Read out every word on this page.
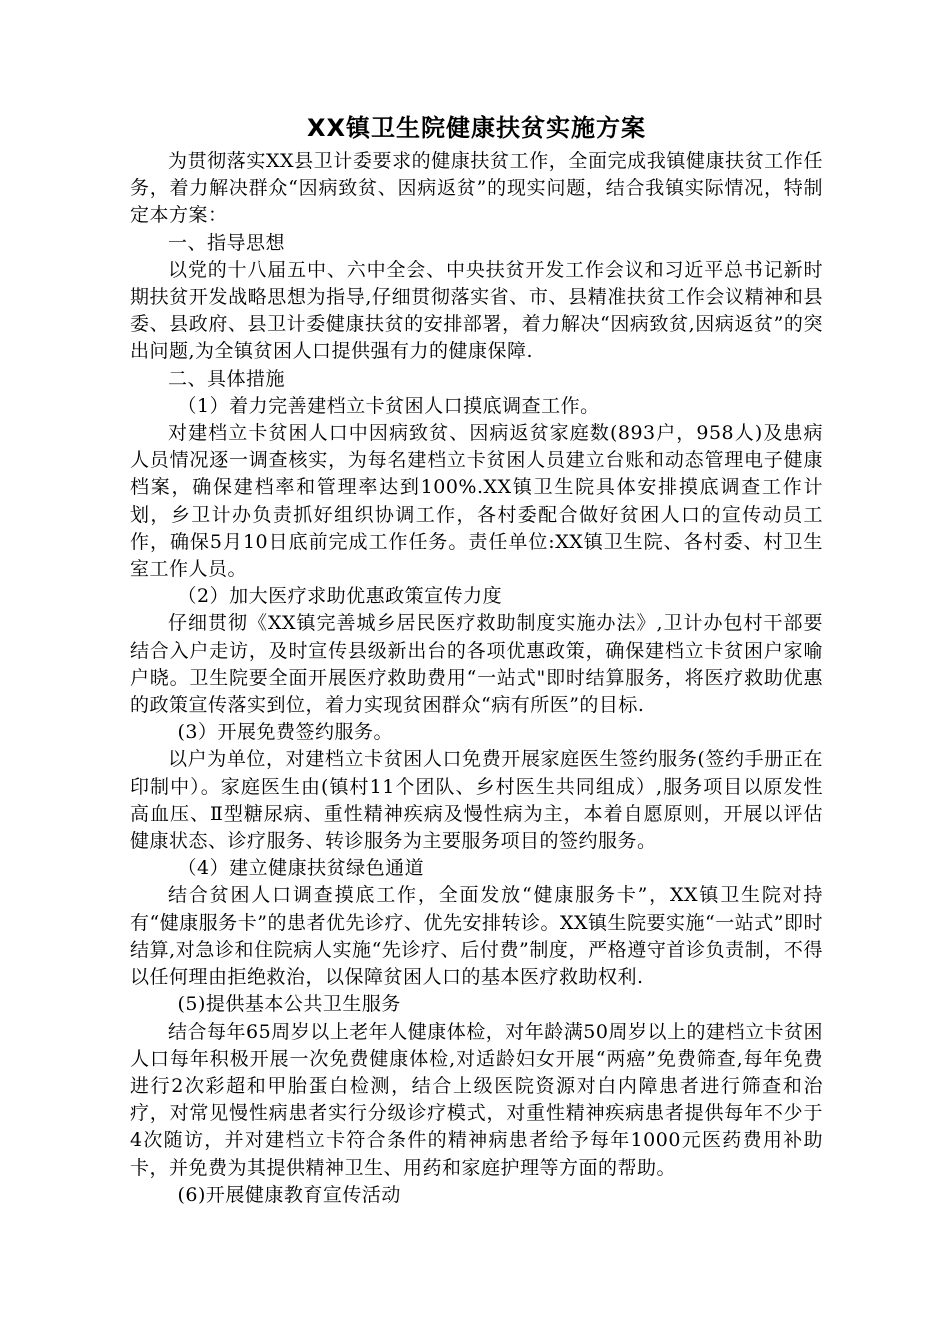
XX镇卫生院健康扶贫实施方案

为贯彻落实XX县卫计委要求的健康扶贫工作，全面完成我镇健康扶贫工作任务，着力解决群众“因病致贫、因病返贫”的现实问题，结合我镇实际情况，特制定本方案：

一、指导思想

以党的十八届五中、六中全会、中央扶贫开发工作会议和习近平总书记新时期扶贫开发战略思想为指导,仔细贯彻落实省、市、县精准扶贫工作会议精神和县委、县政府、县卫计委健康扶贫的安排部署，着力解决“因病致贫,因病返贫”的突出问题,为全镇贫困人口提供强有力的健康保障.

二、具体措施

（1）着力完善建档立卡贫困人口摸底调查工作。

对建档立卡贫困人口中因病致贫、因病返贫家庭数(893户，958人)及患病人员情况逐一调查核实，为每名建档立卡贫困人员建立台账和动态管理电子健康档案，确保建档率和管理率达到100%.XX镇卫生院具体安排摸底调查工作计划，乡卫计办负责抓好组织协调工作，各村委配合做好贫困人口的宣传动员工作，确保5月10日底前完成工作任务。责任单位:XX镇卫生院、各村委、村卫生室工作人员。

（2）加大医疗求助优惠政策宣传力度

仔细贯彻《XX镇完善城乡居民医疗救助制度实施办法》,卫计办包村干部要结合入户走访，及时宣传县级新出台的各项优惠政策，确保建档立卡贫困户家喻户晓。卫生院要全面开展医疗救助费用“一站式"即时结算服务，将医疗救助优惠的政策宣传落实到位，着力实现贫困群众“病有所医”的目标.

(3）开展免费签约服务。

以户为单位，对建档立卡贫困人口免费开展家庭医生签约服务(签约手册正在印制中）。家庭医生由(镇村11个团队、乡村医生共同组成）,服务项目以原发性高血压、Ⅱ型糖尿病、重性精神疾病及慢性病为主，本着自愿原则，开展以评估健康状态、诊疗服务、转诊服务为主要服务项目的签约服务。

（4）建立健康扶贫绿色通道

结合贫困人口调查摸底工作，全面发放“健康服务卡”，XX镇卫生院对持有“健康服务卡”的患者优先诊疗、优先安排转诊。XX镇生院要实施“一站式”即时结算,对急诊和住院病人实施“先诊疗、后付费”制度，严格遵守首诊负责制，不得以任何理由拒绝救治，以保障贫困人口的基本医疗救助权利.

(5)提供基本公共卫生服务

结合每年65周岁以上老年人健康体检，对年龄满50周岁以上的建档立卡贫困人口每年积极开展一次免费健康体检,对适龄妇女开展“两癌”免费筛查,每年免费进行2次彩超和甲胎蛋白检测，结合上级医院资源对白内障患者进行筛查和治疗，对常见慢性病患者实行分级诊疗模式，对重性精神疾病患者提供每年不少于4次随访，并对建档立卡符合条件的精神病患者给予每年1000元医药费用补助卡，并免费为其提供精神卫生、用药和家庭护理等方面的帮助。

(6)开展健康教育宣传活动
